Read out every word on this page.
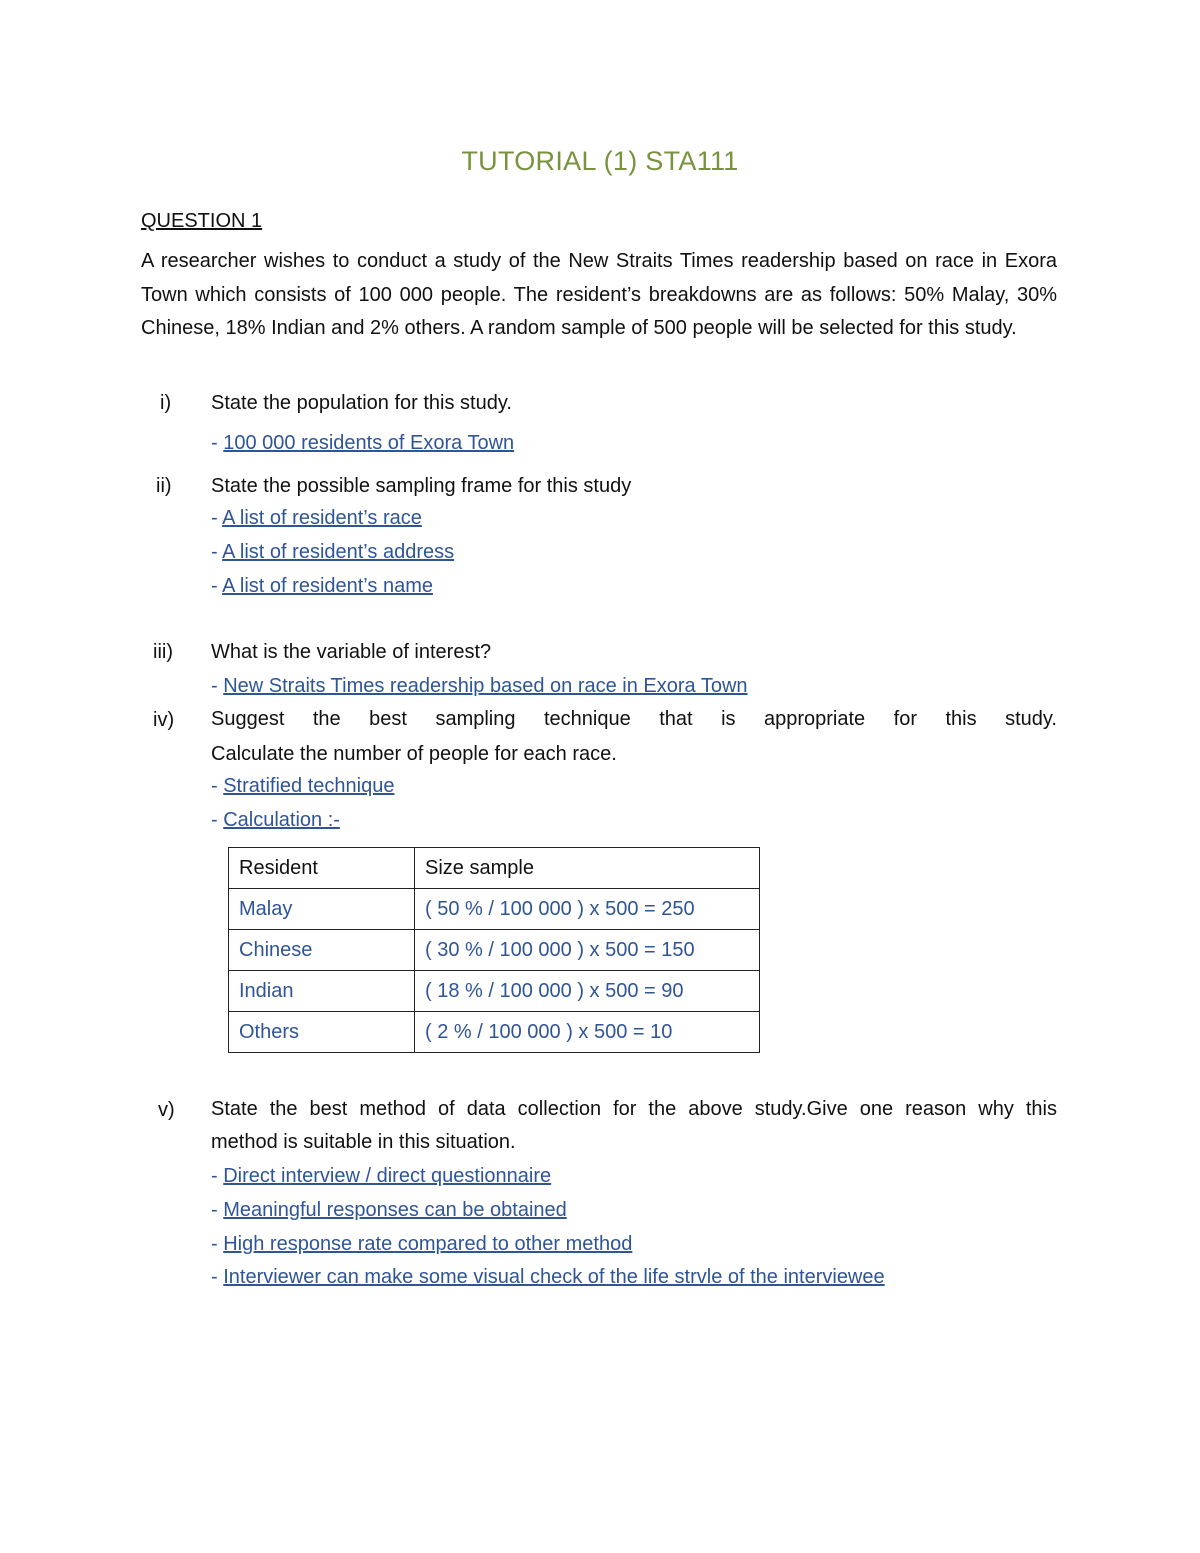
TUTORIAL (1) STA111
QUESTION 1
A researcher wishes to conduct a study of the New Straits Times readership based on race in Exora Town which consists of 100 000 people. The resident’s breakdowns are as follows: 50% Malay, 30% Chinese, 18% Indian and 2% others. A random sample of 500 people will be selected for this study.
i) State the population for this study.
- 100 000 residents of Exora Town
ii) State the possible sampling frame for this study
- A list of resident’s race
- A list of resident’s address
- A list of resident’s name
iii) What is the variable of interest?
- New Straits Times readership based on race in Exora Town
iv) Suggest the best sampling technique that is appropriate for this study.
Calculate the number of people for each race.
- Stratified technique
- Calculation :-
Resident	Size sample
Malay	( 50 % / 100 000 ) x 500 = 250
Chinese	( 30 % / 100 000 ) x 500 = 150
Indian	( 18 % / 100 000 ) x 500 = 90
Others	( 2 % / 100 000 ) x 500 = 10
v) State the best method of data collection for the above study.Give one reason why this
method is suitable in this situation.
- Direct interview / direct questionnaire
- Meaningful responses can be obtained
- High response rate compared to other method
- Interviewer can make some visual check of the life strvle of the interviewee
